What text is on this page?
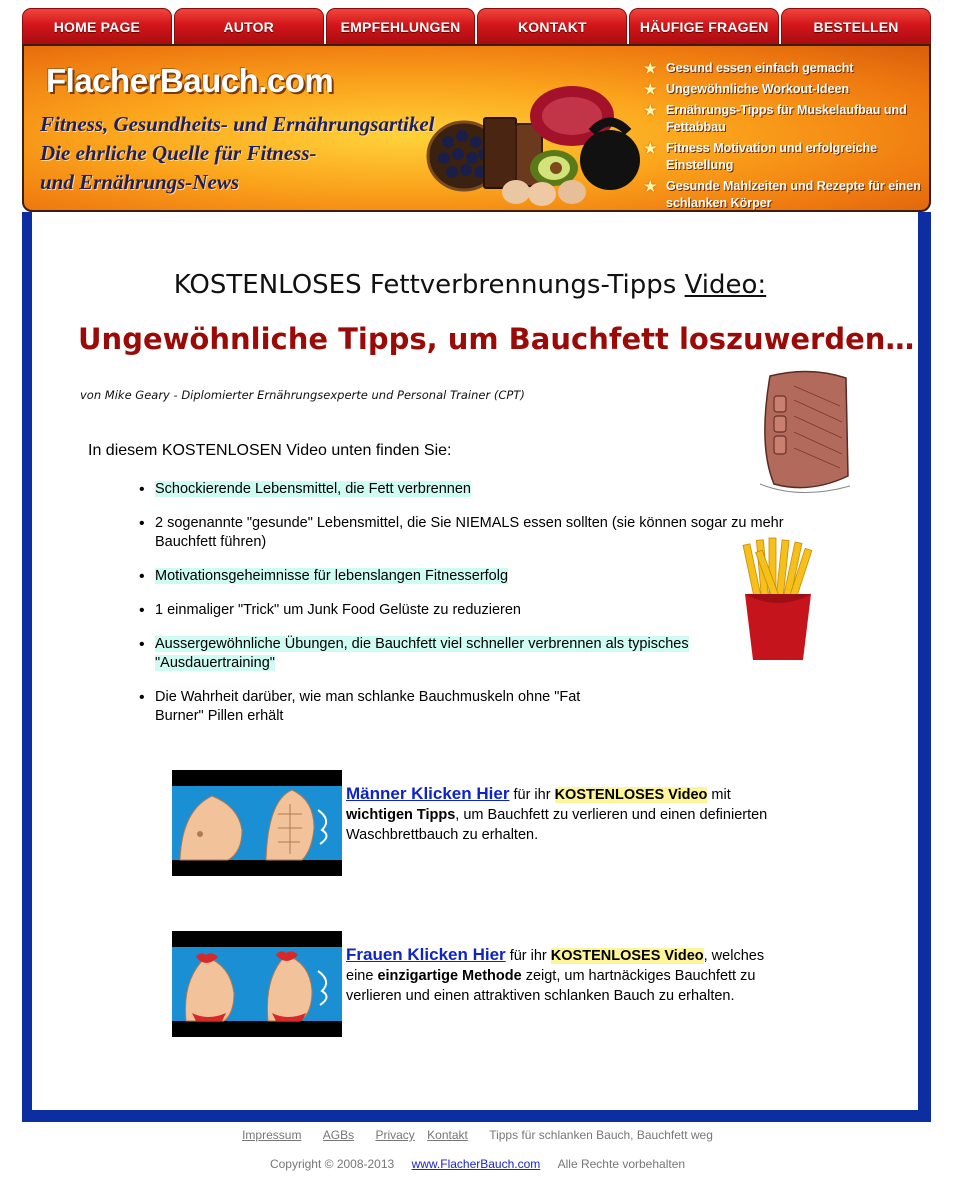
HOME PAGE	AUTOR	EMPFEHLUNGEN	KONTAKT	HÄUFIGE FRAGEN	BESTELLEN
FlacherBauch.com
Fitness, Gesundheits- und Ernährungsartikel
Die ehrliche Quelle für Fitness-
und Ernährungs-News
★ Gesund essen einfach gemacht
★ Ungewöhnliche Workout-Ideen
★ Ernährungs-Tipps für Muskelaufbau und Fettabbau
★ Fitness Motivation und erfolgreiche Einstellung
★ Gesunde Mahlzeiten und Rezepte für einen schlanken Körper
KOSTENLOSES Fettverbrennungs-Tipps Video:
Ungewöhnliche Tipps, um Bauchfett loszuwerden…
von Mike Geary - Diplomierter Ernährungsexperte und Personal Trainer (CPT)
In diesem KOSTENLOSEN Video unten finden Sie:
• Schockierende Lebensmittel, die Fett verbrennen
• 2 sogenannte "gesunde" Lebensmittel, die Sie NIEMALS essen sollten (sie können sogar zu mehr Bauchfett führen)
• Motivationsgeheimnisse für lebenslangen Fitnesserfolg
• 1 einmaliger "Trick" um Junk Food Gelüste zu reduzieren
• Aussergewöhnliche Übungen, die Bauchfett viel schneller verbrennen als typisches "Ausdauertraining"
• Die Wahrheit darüber, wie man schlanke Bauchmuskeln ohne "Fat Burner" Pillen erhält
Männer Klicken Hier für ihr KOSTENLOSES Video mit wichtigen Tipps, um Bauchfett zu verlieren und einen definierten Waschbrettbauch zu erhalten.
Frauen Klicken Hier für ihr KOSTENLOSES Video, welches eine einzigartige Methode zeigt, um hartnäckiges Bauchfett zu verlieren und einen attraktiven schlanken Bauch zu erhalten.
Impressum AGBs Privacy Kontakt Tipps für schlanken Bauch, Bauchfett weg
Copyright © 2008-2013 www.FlacherBauch.com Alle Rechte vorbehalten
